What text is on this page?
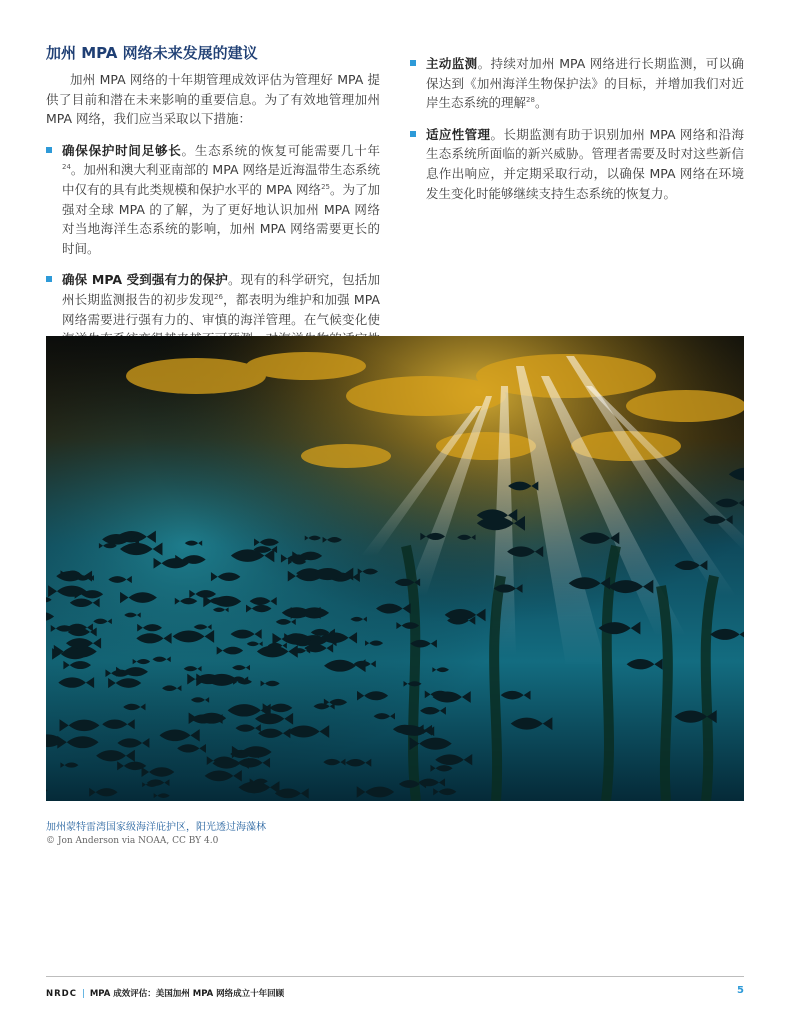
加州 MPA 网络未来发展的建议

加州 MPA 网络的十年期管理成效评估为管理好 MPA 提供了目前和潜在未来影响的重要信息。为了有效地管理加州 MPA 网络，我们应当采取以下措施：

确保保护时间足够长。生态系统的恢复可能需要几十年$^{24}$。加州和澳大利亚南部的 MPA 网络是近海温带生态系统中仅有的具有此类规模和保护水平的 MPA 网络$^{25}$。为了加强对全球 MPA 的了解，为了更好地认识加州 MPA 网络对当地海洋生态系统的影响，加州 MPA 网络需要更长的时间。
确保 MPA 受到强有力的保护。现有的科学研究，包括加州长期监测报告的初步发现$^{26}$，都表明为维护和加强 MPA 网络需要进行强有力的、审慎的海洋管理。在气候变化使
主动监测。持续对加州 MPA 网络进行长期监测，可以确保达到《加州海洋生物保护法》的目标，并增加我们对近岸生态系统的理解$^{28}$。
适应性管理。长期监测有助于识别加州 MPA 网络和沿海生态系统所面临的新兴威胁。管理者需要及时对这些新信息作出响应，并定期采取行动，以确保 MPA 网络在环境发生变化时能够继续支持生态系统的恢复力。
加州蒙特雷湾国家级海洋庇护区，阳光透过海藻林
© Jon Anderson via NOAA, CC BY 4.0
NRDC | MPA 成效评估：美国加州 MPA 网络成立十年回顾	5
